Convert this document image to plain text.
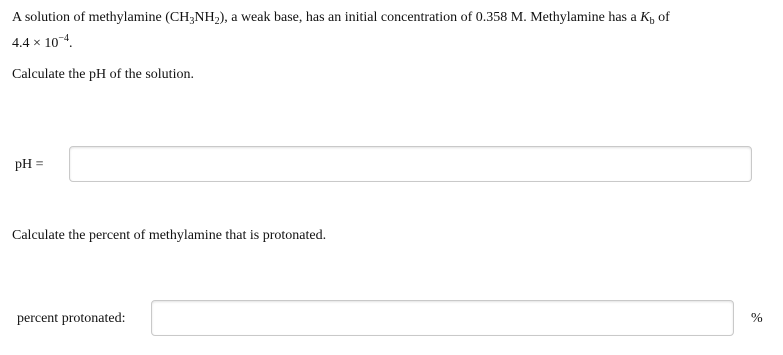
A solution of methylamine $(CH_3NH_2)$, a weak base, has an initial concentration of 0.358 M. Methylamine has a $K_b$ of

$4.4 \times 10^{-4}$.

Calculate the pH of the solution.

pH =

Calculate the percent of methylamine that is protonated.

percent protonated:	%
